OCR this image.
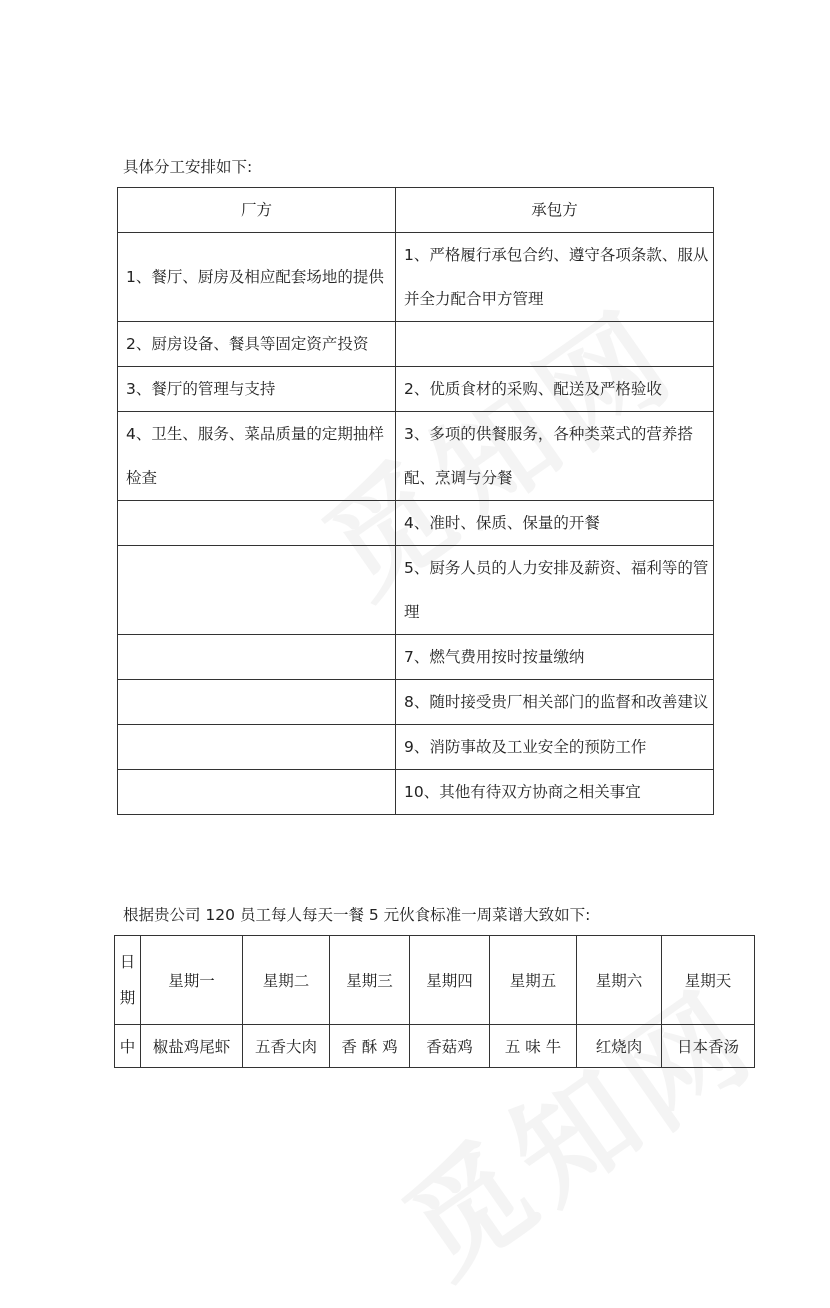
具体分工安排如下:
厂方	承包方
1、餐厅、厨房及相应配套场地的提供	1、严格履行承包合约、遵守各项条款、服从并全力配合甲方管理
2、厨房设备、餐具等固定资产投资	
3、餐厅的管理与支持	2、优质食材的采购、配送及严格验收
4、卫生、服务、菜品质量的定期抽样检查	3、多项的供餐服务，各种类菜式的营养搭配、烹调与分餐
	4、准时、保质、保量的开餐
	5、厨务人员的人力安排及薪资、福利等的管理
	7、燃气费用按时按量缴纳
	8、随时接受贵厂相关部门的监督和改善建议
	9、消防事故及工业安全的预防工作
	10、其他有待双方协商之相关事宜
根据贵公司 120 员工每人每天一餐 5 元伙食标准一周菜谱大致如下:
日期	星期一	星期二	星期三	星期四	星期五	星期六	星期天
中	椒盐鸡尾虾	五香大肉	香 酥 鸡	香菇鸡	五 味 牛	红烧肉	日本香汤
